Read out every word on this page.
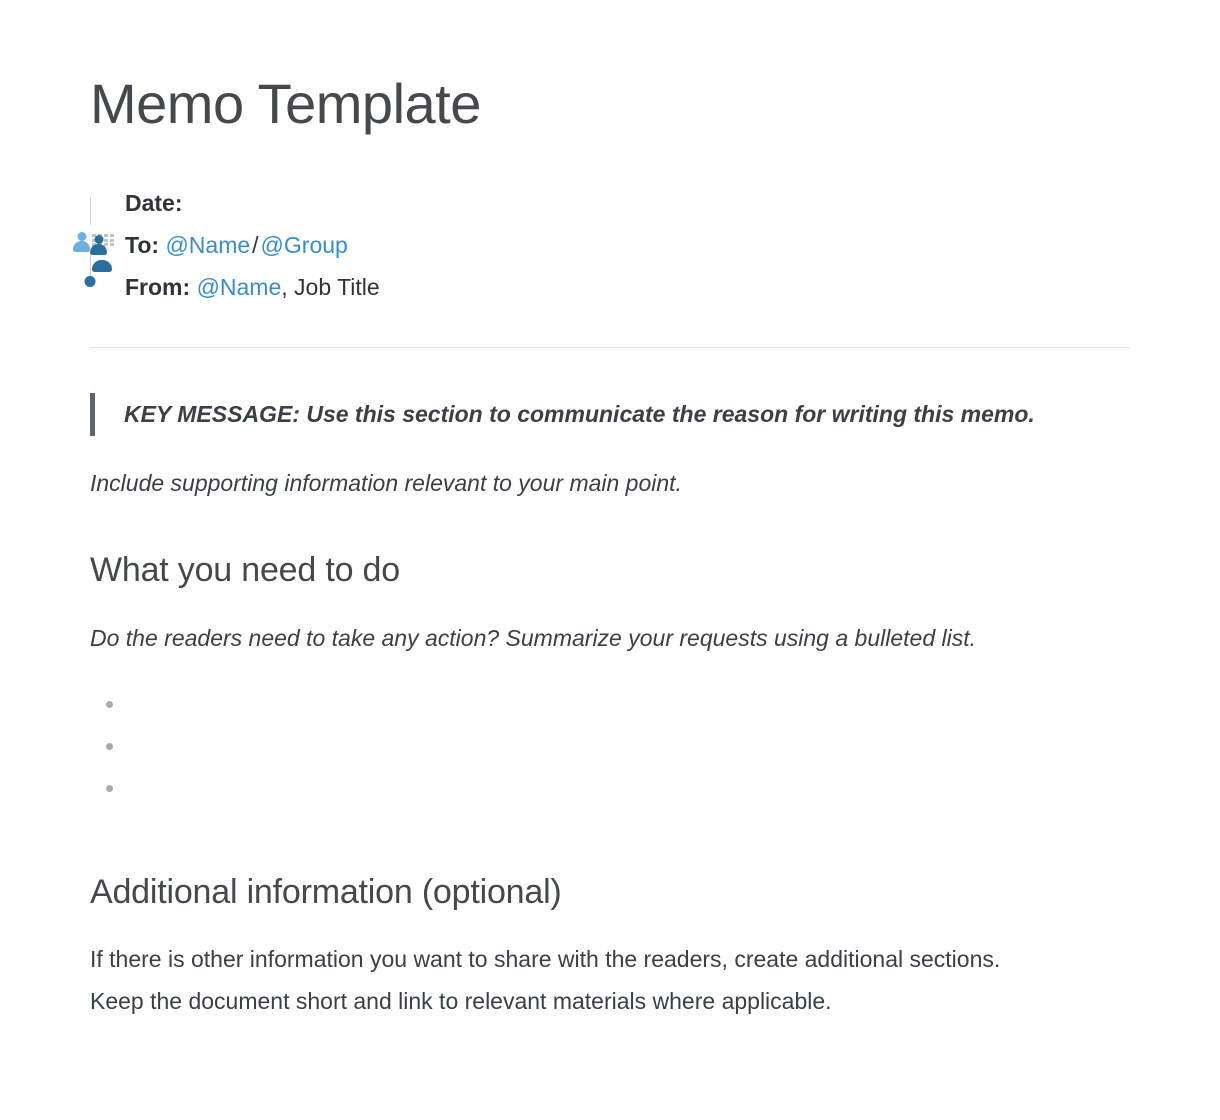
Memo Template
Date:
To:
@Name / @Group
From:
@Name , Job Title
KEY MESSAGE: Use this section to communicate the reason for writing this memo.

Include supporting information relevant to your main point.

What you need to do

Do the readers need to take any action? Summarize your requests using a bulleted list.

Additional information (optional)

If there is other information you want to share with the readers, create additional sections.

Keep the document short and link to relevant materials where applicable.
